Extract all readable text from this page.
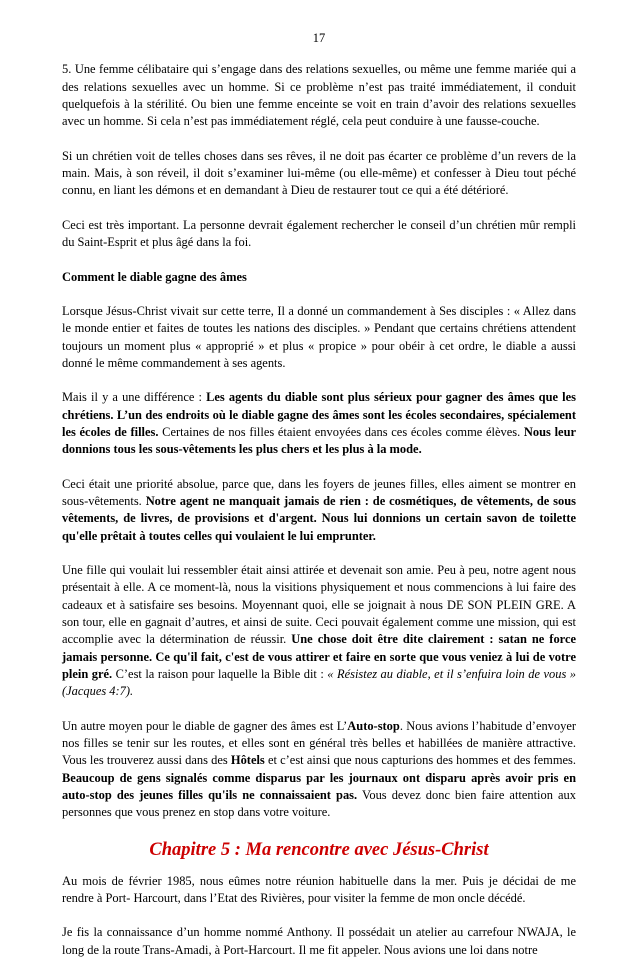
17

5. Une femme célibataire qui s’engage dans des relations sexuelles, ou même une femme mariée qui a des relations sexuelles avec un homme. Si ce problème n’est pas traité immédiatement, il conduit quelquefois à la stérilité. Ou bien une femme enceinte se voit en train d’avoir des relations sexuelles avec un homme. Si cela n’est pas immédiatement réglé, cela peut conduire à une fausse-couche.

Si un chrétien voit de telles choses dans ses rêves, il ne doit pas écarter ce problème d’un revers de la main. Mais, à son réveil, il doit s’examiner lui-même (ou elle-même) et confesser à Dieu tout péché connu, en liant les démons et en demandant à Dieu de restaurer tout ce qui a été détérioré.

Ceci est très important. La personne devrait également rechercher le conseil d’un chrétien mûr rempli du Saint-Esprit et plus âgé dans la foi.

Comment le diable gagne des âmes

Lorsque Jésus-Christ vivait sur cette terre, Il a donné un commandement à Ses disciples : « Allez dans le monde entier et faites de toutes les nations des disciples. » Pendant que certains chrétiens attendent toujours un moment plus « approprié » et plus « propice » pour obéir à cet ordre, le diable a aussi donné le même commandement à ses agents.

Mais il y a une différence : Les agents du diable sont plus sérieux pour gagner des âmes que les chrétiens. L’un des endroits où le diable gagne des âmes sont les écoles secondaires, spécialement les écoles de filles. Certaines de nos filles étaient envoyées dans ces écoles comme élèves. Nous leur donnions tous les sous-vêtements les plus chers et les plus à la mode.

Ceci était une priorité absolue, parce que, dans les foyers de jeunes filles, elles aiment se montrer en sous-vêtements. Notre agent ne manquait jamais de rien : de cosmétiques, de vêtements, de sous vêtements, de livres, de provisions et d'argent. Nous lui donnions un certain savon de toilette qu'elle prêtait à toutes celles qui voulaient le lui emprunter.

Une fille qui voulait lui ressembler était ainsi attirée et devenait son amie. Peu à peu, notre agent nous présentait à elle. A ce moment-là, nous la visitions physiquement et nous commencions à lui faire des cadeaux et à satisfaire ses besoins. Moyennant quoi, elle se joignait à nous DE SON PLEIN GRE. A son tour, elle en gagnait d’autres, et ainsi de suite. Ceci pouvait également comme une mission, qui est accomplie avec la détermination de réussir. Une chose doit être dite clairement : satan ne force jamais personne. Ce qu'il fait, c'est de vous attirer et faire en sorte que vous veniez à lui de votre plein gré. C’est la raison pour laquelle la Bible dit : « Résistez au diable, et il s’enfuira loin de vous » (Jacques 4:7).

Un autre moyen pour le diable de gagner des âmes est L’Auto-stop. Nous avions l’habitude d’envoyer nos filles se tenir sur les routes, et elles sont en général très belles et habillées de manière attractive. Vous les trouverez aussi dans des Hôtels et c’est ainsi que nous capturions des hommes et des femmes. Beaucoup de gens signalés comme disparus par les journaux ont disparu après avoir pris en auto-stop des jeunes filles qu'ils ne connaissaient pas. Vous devez donc bien faire attention aux personnes que vous prenez en stop dans votre voiture.

Chapitre 5 : Ma rencontre avec Jésus-Christ

Au mois de février 1985, nous eûmes notre réunion habituelle dans la mer. Puis je décidai de me rendre à Port- Harcourt, dans l’Etat des Rivières, pour visiter la femme de mon oncle décédé.

Je fis la connaissance d’un homme nommé Anthony. Il possédait un atelier au carrefour NWAJA, le long de la route Trans-Amadi, à Port-Harcourt. Il me fit appeler. Nous avions une loi dans notre
